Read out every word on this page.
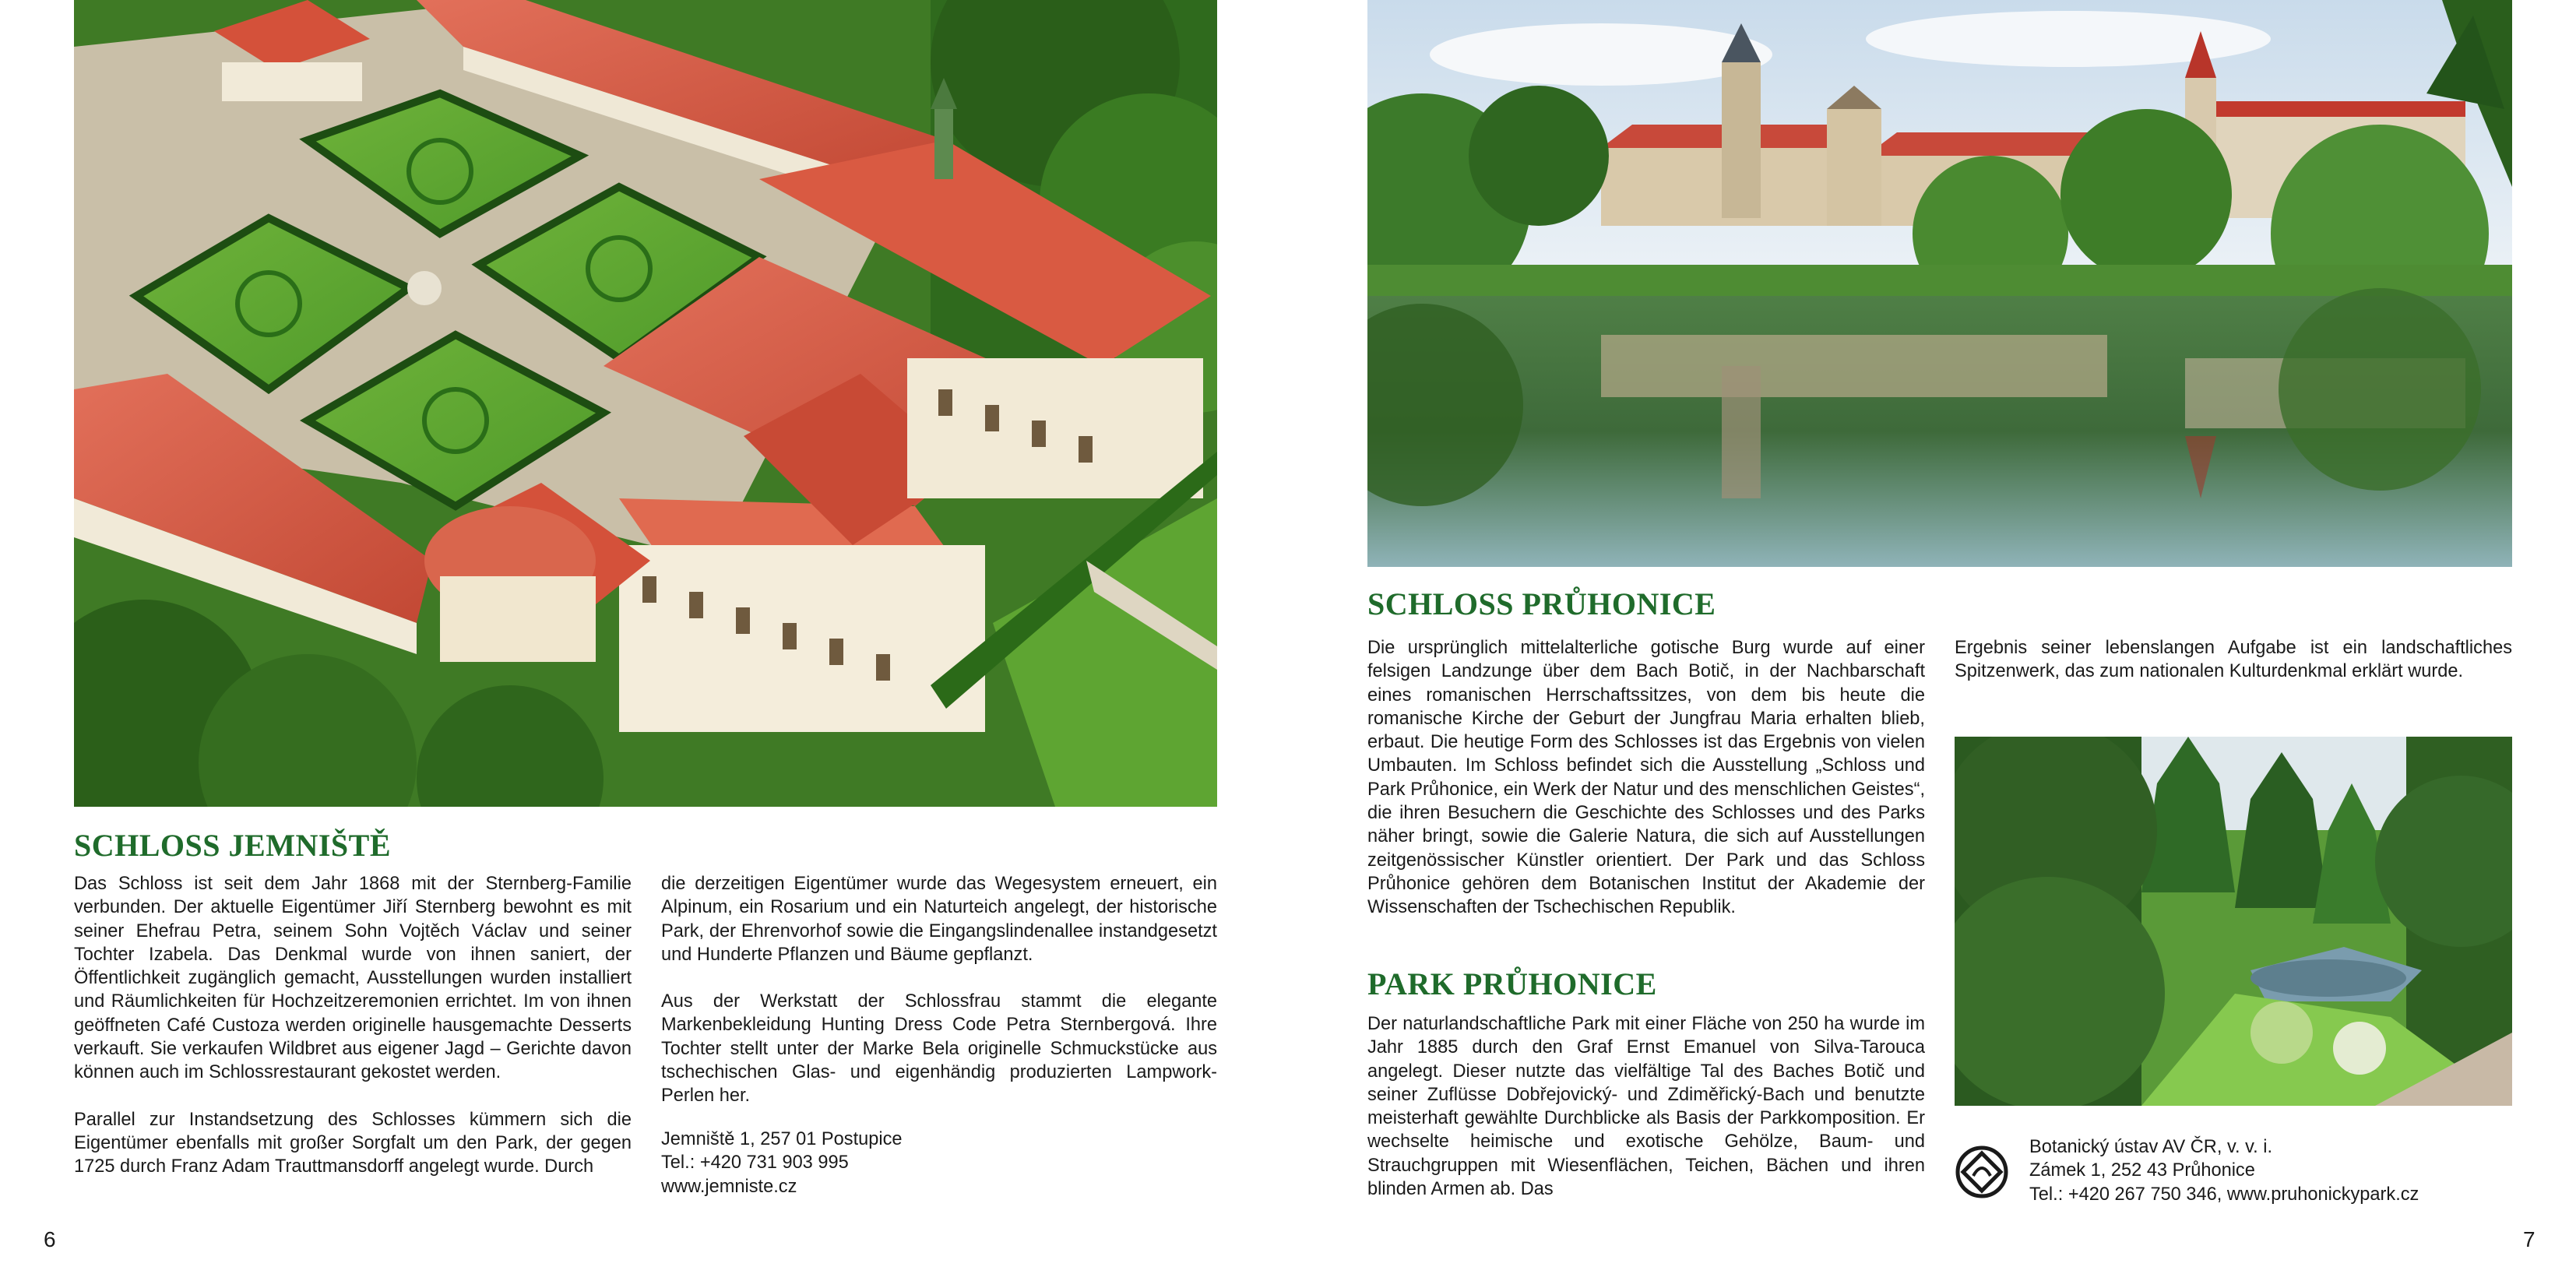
SCHLOSS JEMNIŠTĚ

Das Schloss ist seit dem Jahr 1868 mit der Sternberg-Familie verbunden. Der aktuelle Eigentümer Jiří Sternberg bewohnt es mit seiner Ehefrau Petra, seinem Sohn Vojtěch Václav und seiner Tochter Izabela. Das Denkmal wurde von ihnen saniert, der Öffentlichkeit zugänglich gemacht, Ausstellungen wurden installiert und Räumlichkeiten für Hochzeitzeremonien errichtet. Im von ihnen geöffneten Café Custoza werden originelle hausgemachte Desserts verkauft. Sie verkaufen Wildbret aus eigener Jagd – Gerichte davon können auch im Schlossrestaurant gekostet werden.

Parallel zur Instandsetzung des Schlosses kümmern sich die Eigentümer ebenfalls mit großer Sorgfalt um den Park, der gegen 1725 durch Franz Adam Trauttmansdorff angelegt wurde. Durch

die derzeitigen Eigentümer wurde das Wegesystem erneuert, ein Alpinum, ein Rosarium und ein Naturteich angelegt, der historische Park, der Ehrenvorhof sowie die Eingangslindenallee instandgesetzt und Hunderte Pflanzen und Bäume gepflanzt.

Aus der Werkstatt der Schlossfrau stammt die elegante Markenbekleidung Hunting Dress Code Petra Sternbergová. Ihre Tochter stellt unter der Marke Bela originelle Schmuckstücke aus tschechischen Glas- und eigenhändig produzierten Lampwork-Perlen her.

Jemniště 1, 257 01 Postupice
Tel.: +420 731 903 995
www.jemniste.cz
6
SCHLOSS PRŮHONICE

Die ursprünglich mittelalterliche gotische Burg wurde auf einer felsigen Landzunge über dem Bach Botič, in der Nachbarschaft eines romanischen Herrschaftssitzes, von dem bis heute die romanische Kirche der Geburt der Jungfrau Maria erhalten blieb, erbaut. Die heutige Form des Schlosses ist das Ergebnis von vielen Umbauten. Im Schloss befindet sich die Ausstellung „Schloss und Park Průhonice, ein Werk der Natur und des menschlichen Geistes“, die ihren Besuchern die Geschichte des Schlosses und des Parks näher bringt, sowie die Galerie Natura, die sich auf Ausstellungen zeitgenössischer Künstler orientiert. Der Park und das Schloss Průhonice gehören dem Botanischen Institut der Akademie der Wissenschaften der Tschechischen Republik.

PARK PRŮHONICE

Der naturlandschaftliche Park mit einer Fläche von 250 ha wurde im Jahr 1885 durch den Graf Ernst Emanuel von Silva-Tarouca angelegt. Dieser nutzte das vielfältige Tal des Baches Botič und seiner Zuflüsse Dobřejovický- und Zdiměřický-Bach und benutzte meisterhaft gewählte Durchblicke als Basis der Parkkomposition. Er wechselte heimische und exotische Gehölze, Baum- und Strauchgruppen mit Wiesenflächen, Teichen, Bächen und ihren blinden Armen ab. Das

Ergebnis seiner lebenslangen Aufgabe ist ein landschaftliches Spitzenwerk, das zum nationalen Kulturdenkmal erklärt wurde.

Botanický ústav AV ČR, v. v. i.
Zámek 1, 252 43 Průhonice
Tel.: +420 267 750 346, www.pruhonickypark.cz
7
